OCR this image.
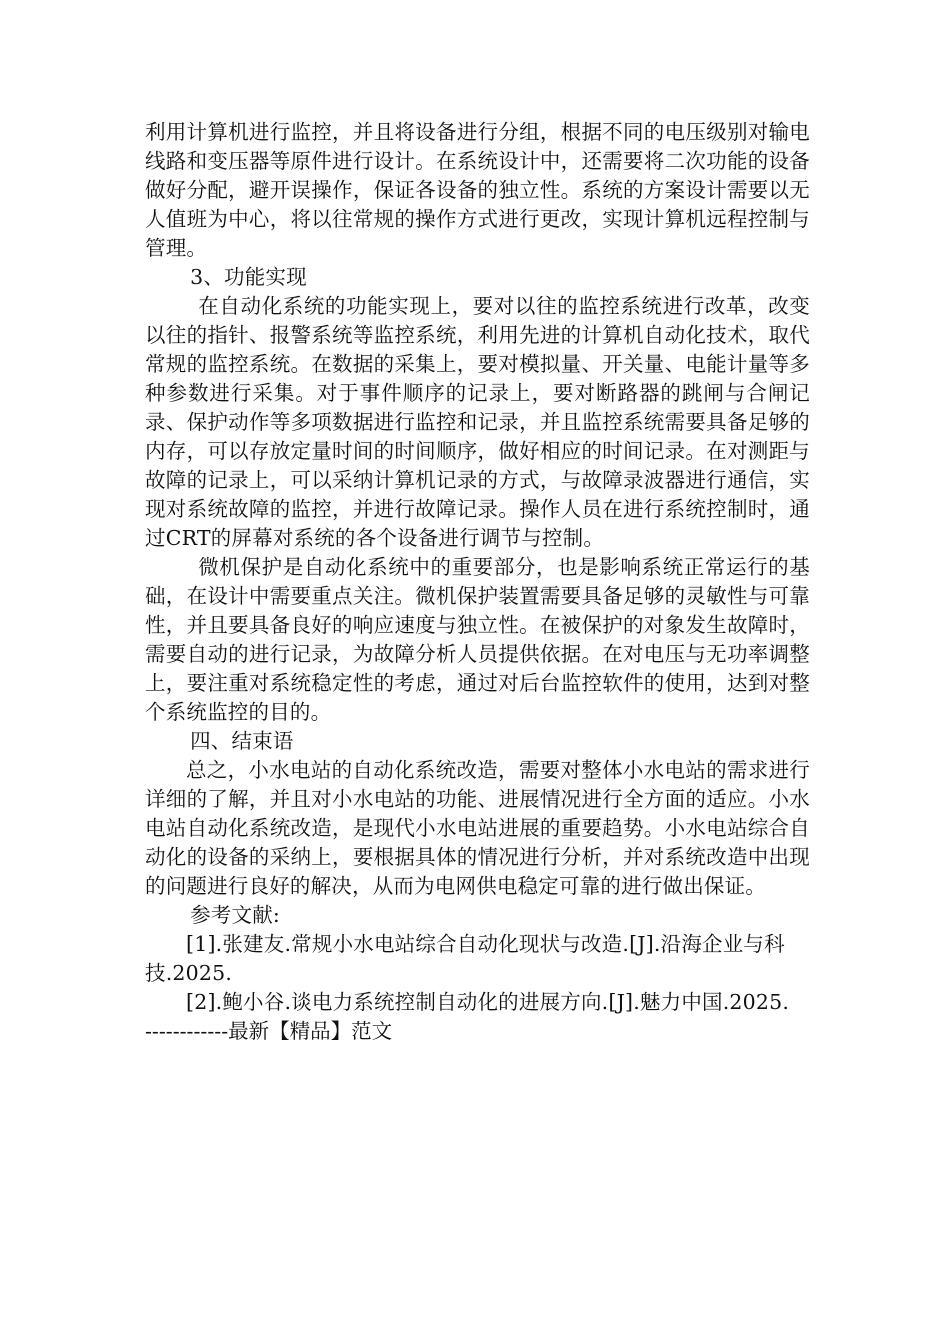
利用计算机进行监控，并且将设备进行分组，根据不同的电压级别对输电线路和变压器等原件进行设计。在系统设计中，还需要将二次功能的设备做好分配，避开误操作，保证各设备的独立性。系统的方案设计需要以无人值班为中心，将以往常规的操作方式进行更改，实现计算机远程控制与管理。

3、功能实现

在自动化系统的功能实现上，要对以往的监控系统进行改革，改变以往的指针、报警系统等监控系统，利用先进的计算机自动化技术，取代常规的监控系统。在数据的采集上，要对模拟量、开关量、电能计量等多种参数进行采集。对于事件顺序的记录上，要对断路器的跳闸与合闸记录、保护动作等多项数据进行监控和记录，并且监控系统需要具备足够的内存，可以存放定量时间的时间顺序，做好相应的时间记录。在对测距与故障的记录上，可以采纳计算机记录的方式，与故障录波器进行通信，实现对系统故障的监控，并进行故障记录。操作人员在进行系统控制时，通过CRT的屏幕对系统的各个设备进行调节与控制。

微机保护是自动化系统中的重要部分，也是影响系统正常运行的基础，在设计中需要重点关注。微机保护装置需要具备足够的灵敏性与可靠性，并且要具备良好的响应速度与独立性。在被保护的对象发生故障时，需要自动的进行记录，为故障分析人员提供依据。在对电压与无功率调整上，要注重对系统稳定性的考虑，通过对后台监控软件的使用，达到对整个系统监控的目的。

四、结束语

总之，小水电站的自动化系统改造，需要对整体小水电站的需求进行详细的了解，并且对小水电站的功能、进展情况进行全方面的适应。小水电站自动化系统改造，是现代小水电站进展的重要趋势。小水电站综合自动化的设备的采纳上，要根据具体的情况进行分析，并对系统改造中出现的问题进行良好的解决，从而为电网供电稳定可靠的进行做出保证。

参考文献:

[1].张建友.常规小水电站综合自动化现状与改造.[J].沿海企业与科技.2025.

[2].鲍小谷.谈电力系统控制自动化的进展方向.[J].魅力中国.2025.

------------最新【精品】范文
